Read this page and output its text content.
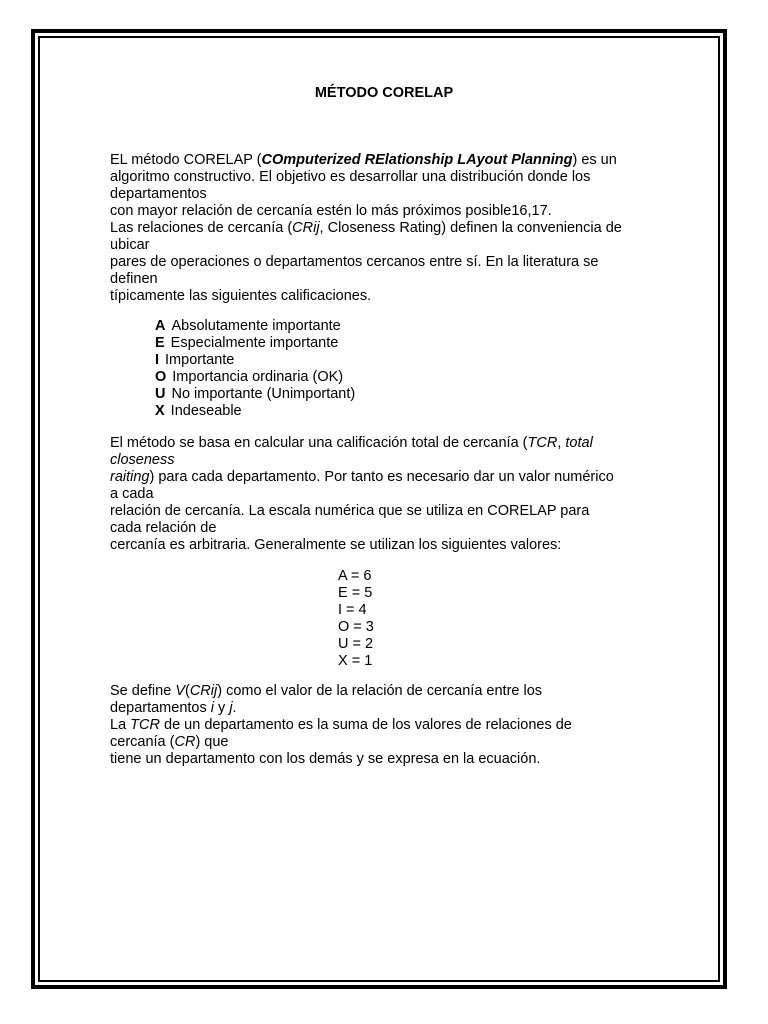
MÉTODO CORELAP
EL método CORELAP (COmputerized RElationship LAyout Planning) es un
algoritmo constructivo. El objetivo es desarrollar una distribución donde los
departamentos
con mayor relación de cercanía estén lo más próximos posible16,17.
Las relaciones de cercanía (CRij, Closeness Rating) definen la conveniencia de
ubicar
pares de operaciones o departamentos cercanos entre sí. En la literatura se
definen
típicamente las siguientes calificaciones.
A Absolutamente importante
E Especialmente importante
I Importante
O Importancia ordinaria (OK)
U No importante (Unimportant)
X Indeseable
El método se basa en calcular una calificación total de cercanía (TCR, total
closeness
raiting) para cada departamento. Por tanto es necesario dar un valor numérico
a cada
relación de cercanía. La escala numérica que se utiliza en CORELAP para
cada relación de
cercanía es arbitraria. Generalmente se utilizan los siguientes valores:
A = 6
E = 5
I = 4
O = 3
U = 2
X = 1
Se define V(CRij) como el valor de la relación de cercanía entre los
departamentos i y j.
La TCR de un departamento es la suma de los valores de relaciones de
cercanía (CR) que
tiene un departamento con los demás y se expresa en la ecuación.
